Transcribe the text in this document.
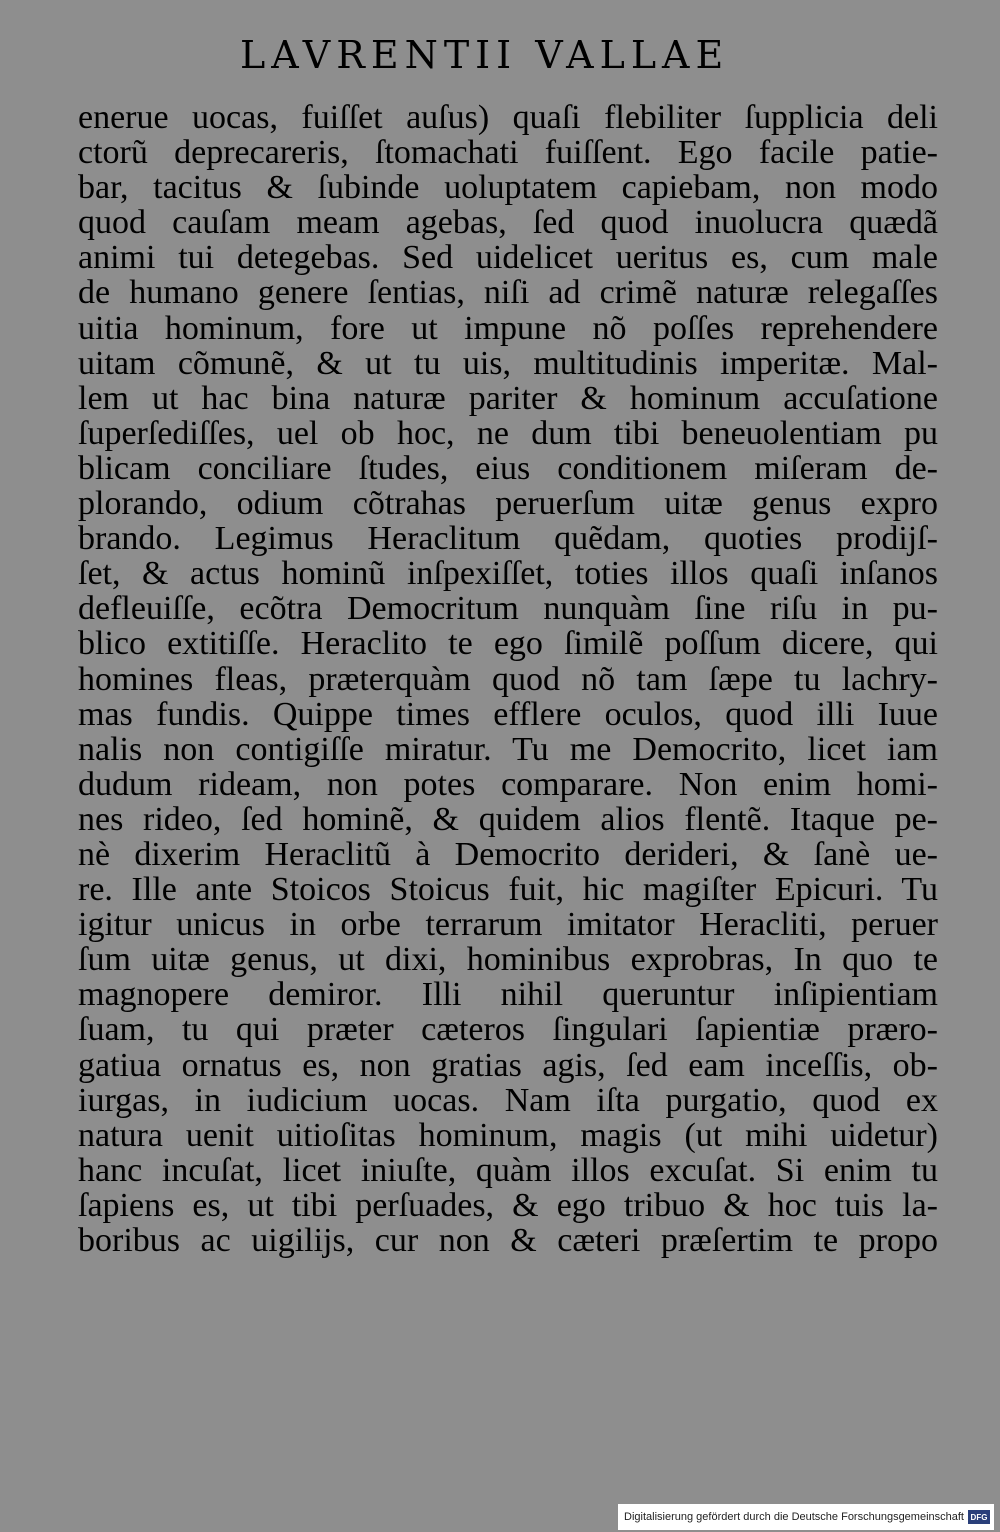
LAVRENTII VALLAE
enerue uocas, fuiſſet auſus) quaſi flebiliter ſupplicia deli
ctorũ deprecareris, ſtomachati fuiſſent. Ego facile patie-
bar, tacitus & ſubinde uoluptatem capiebam, non modo
quod cauſam meam agebas, ſed quod inuolucra quædã
animi tui detegebas. Sed uidelicet ueritus es, cum male
de humano genere ſentias, niſi ad crimẽ naturæ relegaſſes
uitia hominum, fore ut impune nõ poſſes reprehendere
uitam cõmunẽ, & ut tu uis, multitudinis imperitæ. Mal-
lem ut hac bina naturæ pariter & hominum accuſatione
ſuperſediſſes, uel ob hoc, ne dum tibi beneuolentiam pu
blicam conciliare ſtudes, eius conditionem miſeram de-
plorando, odium cõtrahas peruerſum uitæ genus expro
brando. Legimus Heraclitum quẽdam, quoties prodijſ-
ſet, & actus hominũ inſpexiſſet, toties illos quaſi inſanos
defleuiſſe, ecõtra Democritum nunquàm ſine riſu in pu-
blico extitiſſe. Heraclito te ego ſimilẽ poſſum dicere, qui
homines fleas, præterquàm quod nõ tam ſæpe tu lachry-
mas fundis. Quippe times efflere oculos, quod illi Iuue
nalis non contigiſſe miratur. Tu me Democrito, licet iam
dudum rideam, non potes comparare. Non enim homi-
nes rideo, ſed hominẽ, & quidem alios flentẽ. Itaque pe-
nè dixerim Heraclitũ à Democrito derideri, & ſanè ue-
re. Ille ante Stoicos Stoicus fuit, hic magiſter Epicuri. Tu
igitur unicus in orbe terrarum imitator Heracliti, peruer
ſum uitæ genus, ut dixi, hominibus exprobras, In quo te
magnopere demiror. Illi nihil queruntur inſipientiam
ſuam, tu qui præter cæteros ſingulari ſapientiæ prærо-
gatiua ornatus es, non gratias agis, ſed eam inceſſis, ob-
iurgas, in iudicium uocas. Nam iſta purgatio, quod ex
natura uenit uitioſitas hominum, magis (ut mihi uidetur)
hanc incuſat, licet iniuſte, quàm illos excuſat. Si enim tu
ſapiens es, ut tibi perſuades, & ego tribuo & hoc tuis la-
boribus ac uigilijs, cur non & cæteri præſertim te propo
Digitalisierung gefördert durch die Deutsche Forschungsgemeinschaft DFG
